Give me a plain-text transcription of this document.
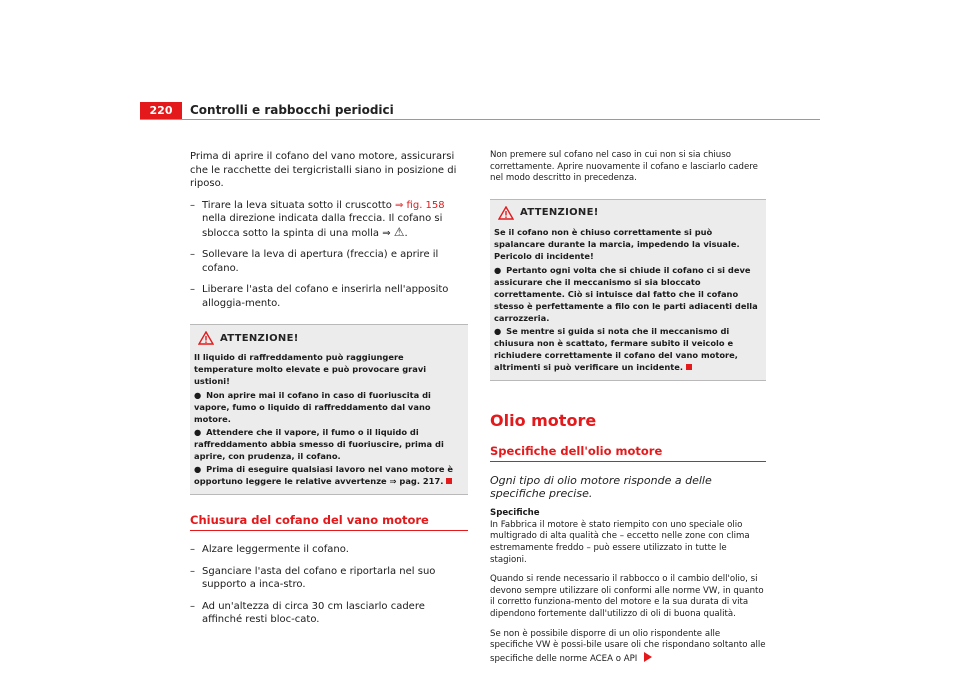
220	Controlli e rabbocchi periodici

Prima di aprire il cofano del vano motore, assicurarsi che le racchette dei tergicristalli siano in posizione di riposo.

– Tirare la leva situata sotto il cruscotto ⇒ fig. 158 nella direzione indicata dalla freccia. Il cofano si sblocca sotto la spinta di una molla ⇒ ⚠.
– Sollevare la leva di apertura (freccia) e aprire il cofano.
– Liberare l'asta del cofano e inserirla nell'apposito alloggia-mento.
ATTENZIONE!

Il liquido di raffreddamento può raggiungere temperature molto elevate e può provocare gravi ustioni!

● Non aprire mai il cofano in caso di fuoriuscita di vapore, fumo o liquido di raffreddamento dal vano motore.

● Attendere che il vapore, il fumo o il liquido di raffreddamento abbia smesso di fuoriuscire, prima di aprire, con prudenza, il cofano.

● Prima di eseguire qualsiasi lavoro nel vano motore è opportuno leggere le relative avvertenze ⇒ pag. 217.

Chiusura del cofano del vano motore
– Alzare leggermente il cofano.
– Sganciare l'asta del cofano e riportarla nel suo supporto a inca-stro.
– Ad un'altezza di circa 30 cm lasciarlo cadere affinché resti bloc-cato.

Non premere sul cofano nel caso in cui non si sia chiuso correttamente. Aprire nuovamente il cofano e lasciarlo cadere nel modo descritto in precedenza.

ATTENZIONE!

Se il cofano non è chiuso correttamente si può spalancare durante la marcia, impedendo la visuale. Pericolo di incidente!

● Pertanto ogni volta che si chiude il cofano ci si deve assicurare che il meccanismo si sia bloccato correttamente. Ciò si intuisce dal fatto che il cofano stesso è perfettamente a filo con le parti adiacenti della carrozzeria.

● Se mentre si guida si nota che il meccanismo di chiusura non è scattato, fermare subito il veicolo e richiudere correttamente il cofano del vano motore, altrimenti si può verificare un incidente.

Olio motore
Specifiche dell'olio motore
Ogni tipo di olio motore risponde a delle specifiche precise.
Specifiche

In Fabbrica il motore è stato riempito con uno speciale olio multigrado di alta qualità che – eccetto nelle zone con clima estremamente freddo – può essere utilizzato in tutte le stagioni.

Quando si rende necessario il rabbocco o il cambio dell'olio, si devono sempre utilizzare oli conformi alle norme VW, in quanto il corretto funziona-mento del motore e la sua durata di vita dipendono fortemente dall'utilizzo di oli di buona qualità.

Se non è possibile disporre di un olio rispondente alle specifiche VW è possi-bile usare oli che rispondano soltanto alle specifiche delle norme ACEA o API
